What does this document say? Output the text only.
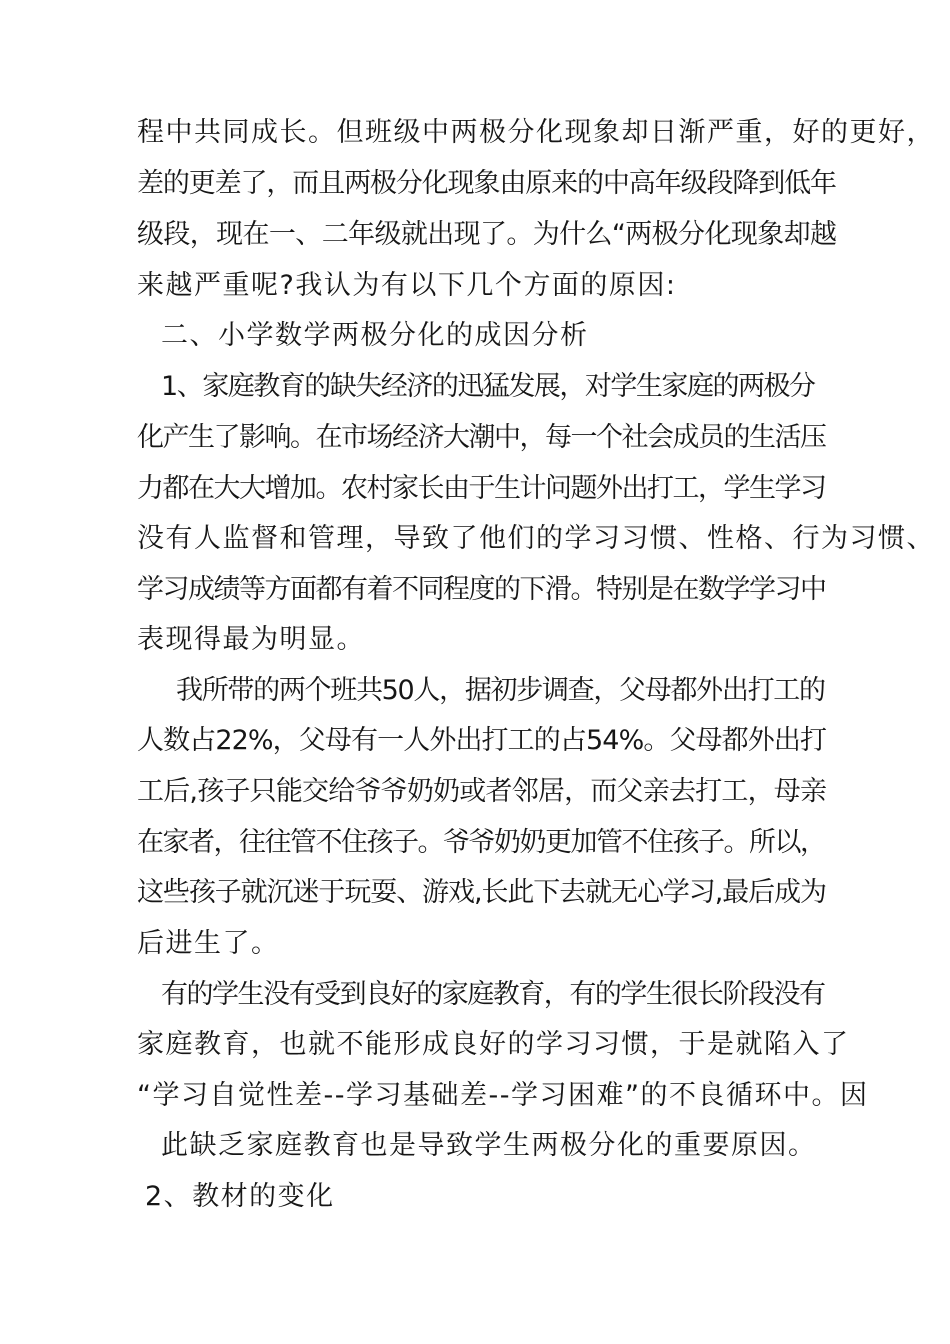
程中共同成长。但班级中两极分化现象却日渐严重，好的更好，
差的更差了，而且两极分化现象由原来的中高年级段降到低年
级段，现在一、二年级就出现了。为什么“两极分化现象却越
来越严重呢?我认为有以下几个方面的原因:
二、小学数学两极分化的成因分析
1、家庭教育的缺失经济的迅猛发展，对学生家庭的两极分
化产生了影响。在市场经济大潮中，每一个社会成员的生活压
力都在大大增加。农村家长由于生计问题外出打工，学生学习
没有人监督和管理，导致了他们的学习习惯、性格、行为习惯、
学习成绩等方面都有着不同程度的下滑。特别是在数学学习中
表现得最为明显。
我所带的两个班共50人，据初步调查，父母都外出打工的
人数占22%，父母有一人外出打工的占54%。父母都外出打
工后,孩子只能交给爷爷奶奶或者邻居，而父亲去打工，母亲
在家者，往往管不住孩子。爷爷奶奶更加管不住孩子。所以，
这些孩子就沉迷于玩耍、游戏,长此下去就无心学习,最后成为
后进生了。
有的学生没有受到良好的家庭教育，有的学生很长阶段没有
家庭教育，也就不能形成良好的学习习惯，于是就陷入了
“学习自觉性差--学习基础差--学习困难”的不良循环中。因
此缺乏家庭教育也是导致学生两极分化的重要原因。
2、教材的变化
